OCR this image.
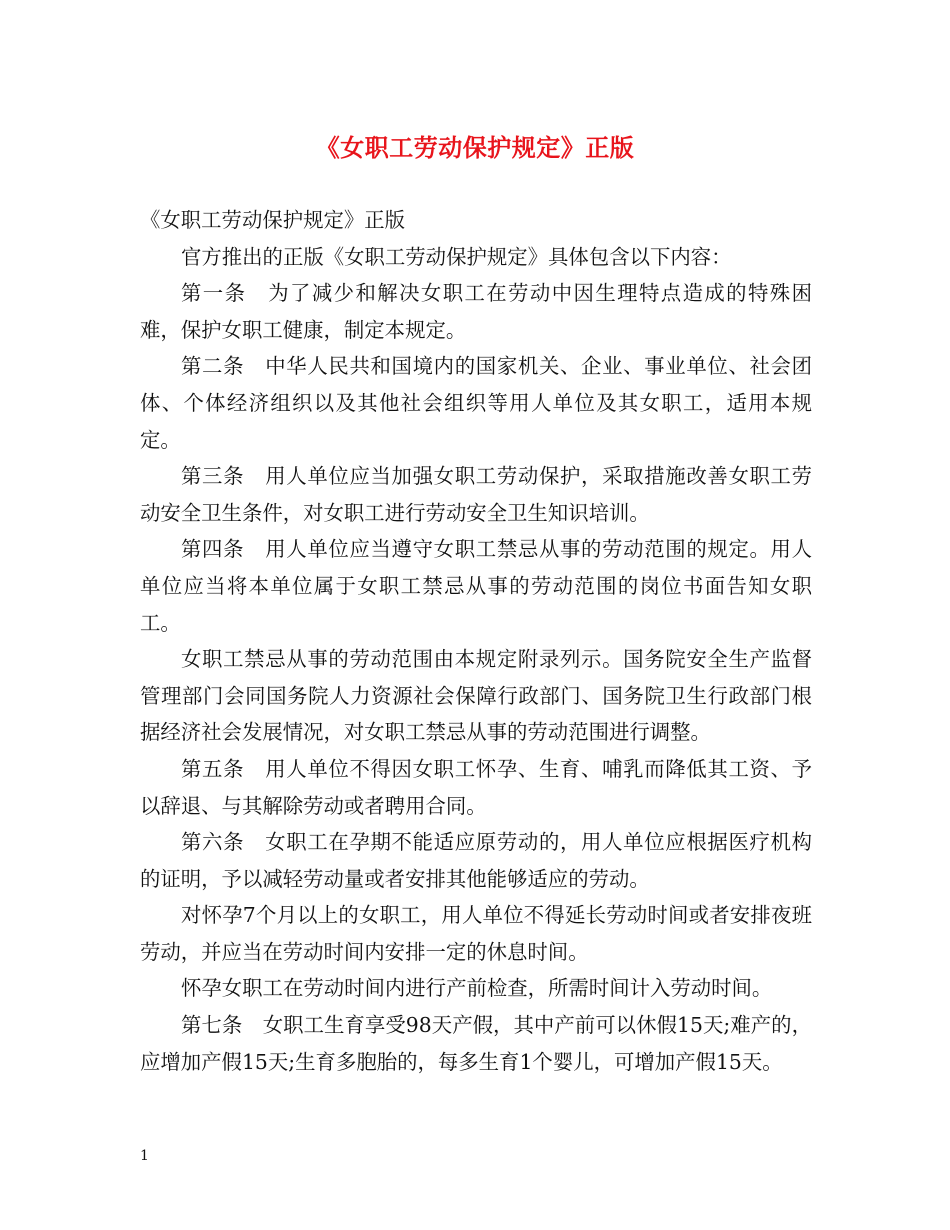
《女职工劳动保护规定》正版

《女职工劳动保护规定》正版

官方推出的正版《女职工劳动保护规定》具体包含以下内容：

第一条　为了减少和解决女职工在劳动中因生理特点造成的特殊困难，保护女职工健康，制定本规定。

第二条　中华人民共和国境内的国家机关、企业、事业单位、社会团体、个体经济组织以及其他社会组织等用人单位及其女职工，适用本规定。

第三条　用人单位应当加强女职工劳动保护，采取措施改善女职工劳动安全卫生条件，对女职工进行劳动安全卫生知识培训。

第四条　用人单位应当遵守女职工禁忌从事的劳动范围的规定。用人单位应当将本单位属于女职工禁忌从事的劳动范围的岗位书面告知女职工。

女职工禁忌从事的劳动范围由本规定附录列示。国务院安全生产监督管理部门会同国务院人力资源社会保障行政部门、国务院卫生行政部门根据经济社会发展情况，对女职工禁忌从事的劳动范围进行调整。

第五条　用人单位不得因女职工怀孕、生育、哺乳而降低其工资、予以辞退、与其解除劳动或者聘用合同。

第六条　女职工在孕期不能适应原劳动的，用人单位应根据医疗机构的证明，予以减轻劳动量或者安排其他能够适应的劳动。

对怀孕7个月以上的女职工，用人单位不得延长劳动时间或者安排夜班劳动，并应当在劳动时间内安排一定的休息时间。

怀孕女职工在劳动时间内进行产前检查，所需时间计入劳动时间。

第七条　女职工生育享受98天产假，其中产前可以休假15天;难产的，应增加产假15天;生育多胞胎的，每多生育1个婴儿，可增加产假15天。

1
